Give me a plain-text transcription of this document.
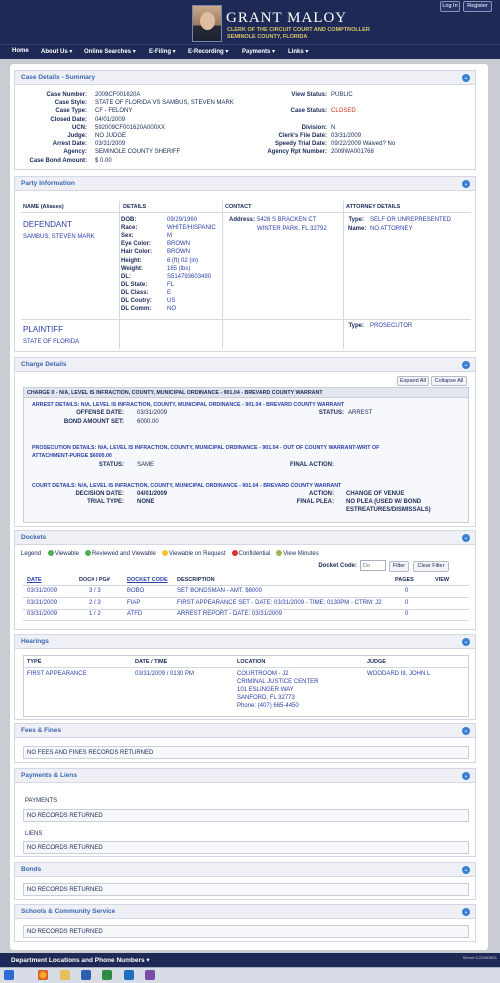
GRANT MALOY
CLERK OF THE CIRCUIT COURT AND COMPTROLLER
SEMINOLE COUNTY, FLORIDA
Log In	Register
Home About Us ▾ Online Searches ▾ E-Filing ▾ E-Recording ▾ Payments ▾ Links ▾
Case Details - Summary	⌄
Case Number: 2009CF001620A
Case Style: STATE OF FLORIDA VS SAMBUS, STEVEN MARK
Case Type: CF - FELONY
Closed Date: 04/01/2009
UCN: 592009CF001620A000XX
Judge: NO JUDGE
Arrest Date: 03/31/2009
Agency: SEMINOLE COUNTY SHERIFF
Case Bond Amount: $ 0.00
View Status: PUBLIC
Case Status: CLOSED
Division: N
Clerk's File Date: 03/31/2009
Speedy Trial Date: 09/22/2009 Waived? No
Agency Rpt Number: 2009WA001768
Party Information	⌄
NAME (Aliases)	DETAILS	CONTACT	ATTORNEY DETAILS
DEFENDANT
SAMBUS, STEVEN MARK
DOB:	09/29/1960
Race:	WHITE/HISPANIC
Sex:	M
Eye Color:	BROWN
Hair Color:	BROWN
Height:	6 (ft) 02 (in)
Weight:	165 (lbs)
DL:	S514793603490
DL State:	FL
DL Class:	E
DL Coutry:	US
DL Comm:	NO
Address: 5428 S BRACKEN CT
WINTER PARK, FL 32792
Type: SELF OR UNREPRESENTED
Name: NO ATTORNEY
PLAINTIFF
STATE OF FLORIDA
Type: PROSECUTOR
Charge Details	⌄
Expand All	Collapse All
CHARGE 0 - N/A, LEVEL IS INFRACTION, COUNTY, MUNICIPAL ORDINANCE - 901.04 - BREVARD COUNTY WARRANT
ARREST DETAILS: N/A, LEVEL IS INFRACTION, COUNTY, MUNICIPAL ORDINANCE - 901.04 - BREVARD COUNTY WARRANT
OFFENSE DATE: 03/31/2009	STATUS: ARREST
BOND AMOUNT SET: 6000.00
PROSECUTION DETAILS: N/A, LEVEL IS INFRACTION, COUNTY, MUNICIPAL ORDINANCE - 901.04 - OUT OF COUNTY WARRANT-WRIT OF
ATTACHMENT-PURGE $6000.00
STATUS: SAME	FINAL ACTION:
COURT DETAILS: N/A, LEVEL IS INFRACTION, COUNTY, MUNICIPAL ORDINANCE - 901.04 - BREVARD COUNTY WARRANT
DECISION DATE: 04/01/2009	ACTION: CHANGE OF VENUE
TRIAL TYPE: NONE	FINAL PLEA: NO PLEA (USED W/ BOND
ESTREATURES/DISMISSALS)
Dockets	⌄
Legend Viewable Reviewed and Viewable Viewable on Request Confidential View Minutes
Docket Code:
Do	Filter	Clear Filter
DATE	DOC# / PG#	DOCKET CODE DESCRIPTION	PAGES	VIEW
03/31/2009	3 / 3	BOBO	SET BONDSMAN - AMT. $6000	0
03/31/2009	2 / 3	FIAP	FIRST APPEARANCE SET - DATE: 03/31/2009 - TIME: 0130PM - CTRM: J2	0
03/31/2009	1 / 2	ATFD	ARREST REPORT - DATE: 03/31/2009	0
Hearings	⌄
TYPE	DATE / TIME	LOCATION	JUDGE
FIRST APPEARANCE	03/31/2009 / 0130 PM	COURTROOM - J2
CRIMINAL JUSTICE CENTER
101 ESLINGER WAY
SANFORD, FL 32773
Phone: (407) 665-4450
WOODARD III, JOHN L
Fees & Fines	⌄
NO FEES AND FINES RECORDS RETURNED
Payments & Liens	⌄
PAYMENTS
NO RECORDS RETURNED
LIENS
NO RECORDS RETURNED
Bonds	⌄
NO RECORDS RETURNED
Schools & Community Service	⌄
NO RECORDS RETURNED
Department Locations and Phone Numbers ▾	Server:CJCWEB01
